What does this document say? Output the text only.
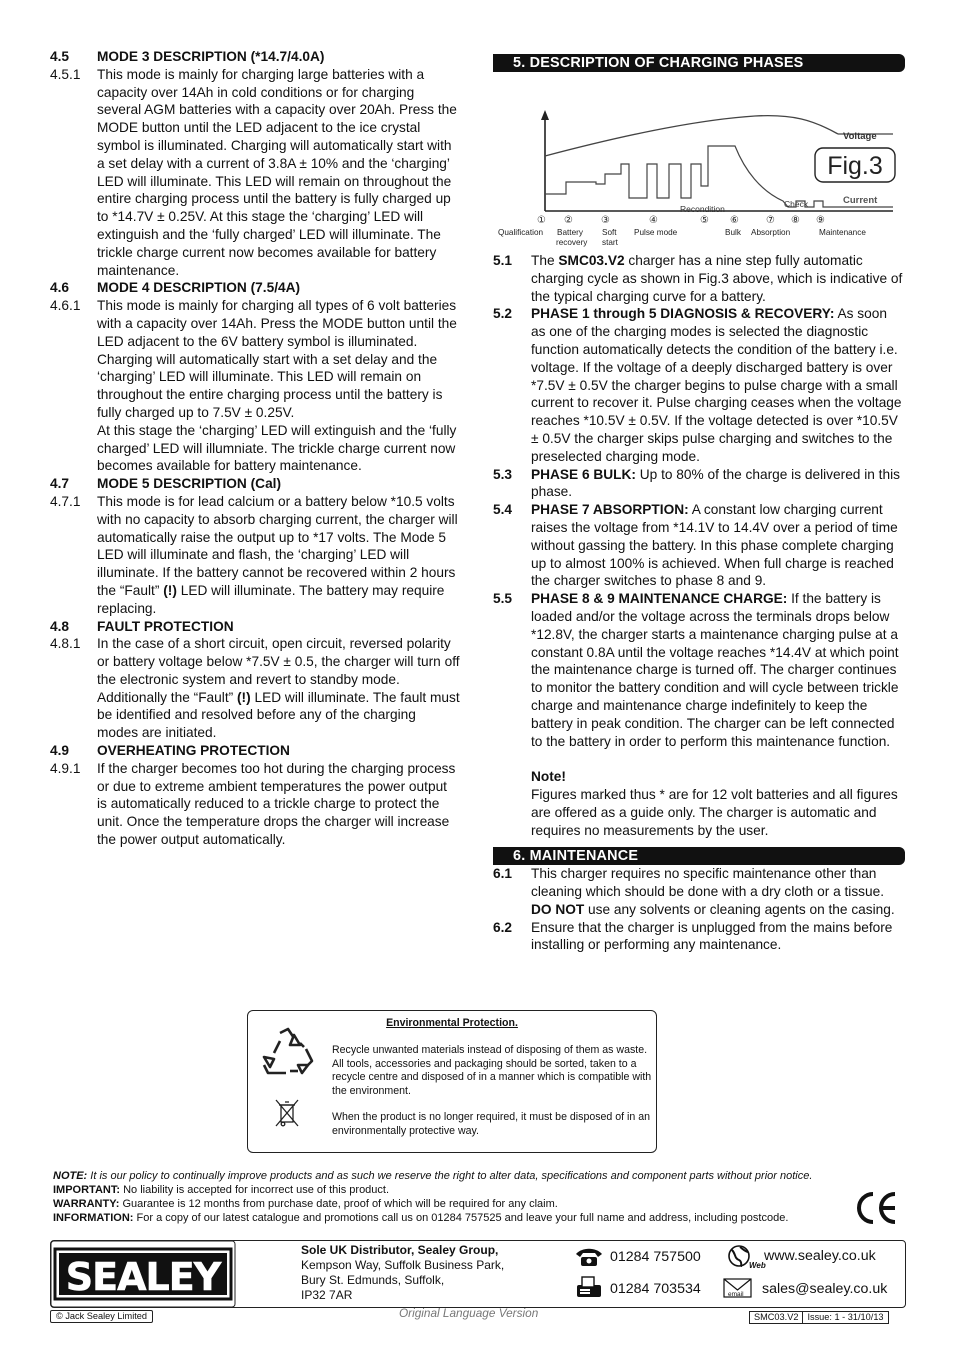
4.5 MODE 3 DESCRIPTION (*14.7/4.0A)
4.5.1 This mode is mainly for charging large batteries with a capacity over 14Ah in cold conditions or for charging several AGM batteries with a capacity over 20Ah. Press the MODE button until the LED adjacent to the ice crystal symbol is illuminated. Charging will automatically start with a set delay with a current of 3.8A ± 10% and the ‘charging’ LED will illuminate. This LED will remain on throughout the entire charging process until the battery is fully charged up to *14.7V ± 0.25V. At this stage the ‘charging’ LED will extinguish and the ‘fully charged’ LED will illuminate. The trickle charge current now becomes available for battery maintenance.
4.6 MODE 4 DESCRIPTION (7.5/4A)
4.6.1 This mode is mainly for charging all types of 6 volt batteries with a capacity over 14Ah. Press the MODE button until the LED adjacent to the 6V battery symbol is illuminated. Charging will automatically start with a set delay and the ‘charging’ LED will illuminate. This LED will remain on throughout the entire charging process until the battery is fully charged up to 7.5V ± 0.25V.
At this stage the ‘charging’ LED will extinguish and the ‘fully charged’ LED will illumniate. The trickle charge current now becomes available for battery maintenance.
4.7 MODE 5 DESCRIPTION (Cal)
4.7.1 This mode is for lead calcium or a battery below *10.5 volts with no capacity to absorb charging current, the charger will automatically raise the output up to *17 volts. The Mode 5 LED will illuminate and flash, the ‘charging’ LED will illuminate. If the battery cannot be recovered within 2 hours the “Fault” (!) LED will illuminate. The battery may require replacing.
4.8 FAULT PROTECTION
4.8.1 In the case of a short circuit, open circuit, reversed polarity or battery voltage below *7.5V ± 0.5, the charger will turn off the electronic system and revert to standby mode. Additionally the “Fault” (!) LED will illuminate. The fault must be identified and resolved before any of the charging modes are initiated.
4.9 OVERHEATING PROTECTION
4.9.1 If the charger becomes too hot during the charging process or due to extreme ambient temperatures the power output is automatically reduced to a trickle charge to protect the unit. Once the temperature drops the charger will increase the power output automatically.
5. DESCRIPTION OF CHARGING PHASES
Voltage
Current
Recondition	Check
Fig.3
① ②	③	④	⑤ ⑥	⑦ ⑧ ⑨
Qualification Battery
recovery
Soft
start
Pulse mode	Bulk Absorption	Maintenance
5.1 The SMC03.V2 charger has a nine step fully automatic charging cycle as shown in Fig.3 above, which is indicative of the typical charging curve for a battery.
5.2 PHASE 1 through 5 DIAGNOSIS & RECOVERY: As soon as one of the charging modes is selected the diagnostic function automatically detects the condition of the battery i.e. voltage. If the voltage of a deeply discharged battery is over *7.5V ± 0.5V the charger begins to pulse charge with a small current to recover it. Pulse charging ceases when the voltage reaches *10.5V ± 0.5V. If the voltage detected is over *10.5V ± 0.5V the charger skips pulse charging and switches to the preselected charging mode.
5.3 PHASE 6 BULK: Up to 80% of the charge is delivered in this phase.
5.4 PHASE 7 ABSORPTION: A constant low charging current raises the voltage from *14.1V to 14.4V over a period of time without gassing the battery. In this phase complete charging up to almost 100% is achieved. When full charge is reached the charger switches to phase 8 and 9.
5.5 PHASE 8 & 9 MAINTENANCE CHARGE: If the battery is loaded and/or the voltage across the terminals drops below *12.8V, the charger starts a maintenance charging pulse at a constant 0.8A until the voltage reaches *14.4V at which point the maintenance charge is turned off. The charger continues to monitor the battery condition and will cycle between trickle charge and maintenance charge indefinitely to keep the battery in peak condition. The charger can be left connected to the battery in order to perform this maintenance function.
Note!
Figures marked thus * are for 12 volt batteries and all figures are offered as a guide only. The charger is automatic and requires no measurements by the user.
6. MAINTENANCE
6.1 This charger requires no specific maintenance other than cleaning which should be done with a dry cloth or a tissue. DO NOT use any solvents or cleaning agents on the casing.
6.2 Ensure that the charger is unplugged from the mains before installing or performing any maintenance.
Environmental Protection.
Recycle unwanted materials instead of disposing of them as waste. All tools, accessories and packaging should be sorted, taken to a recycle centre and disposed of in a manner which is compatible with the environment.
When the product is no longer required, it must be disposed of in an environmentally protective way.
NOTE: It is our policy to continually improve products and as such we reserve the right to alter data, specifications and component parts without prior notice.
IMPORTANT: No liability is accepted for incorrect use of this product.
WARRANTY: Guarantee is 12 months from purchase date, proof of which will be required for any claim.
INFORMATION: For a copy of our latest catalogue and promotions call us on 01284 757525 and leave your full name and address, including postcode.
SEALEY
Sole UK Distributor, Sealey Group,
Kempson Way, Suffolk Business Park,
Bury St. Edmunds, Suffolk,
IP32 7AR
01284 757500
01284 703534
Web
www.sealey.co.uk
email sales@sealey.co.uk
© Jack Sealey Limited	Original Language Version	SMC03.V2 Issue: 1 - 31/10/13
